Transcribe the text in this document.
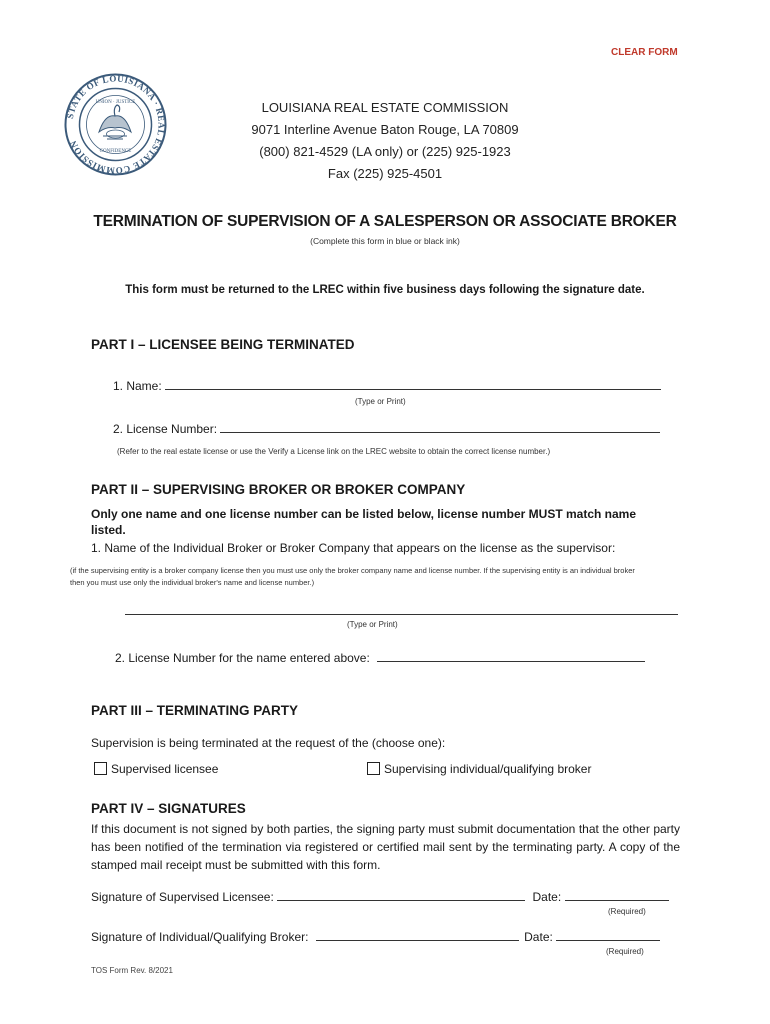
CLEAR FORM
STATE OF LOUISIANA · REAL ESTATE COMMISSION
UNION · JUSTICE
CONFIDENCE
LOUISIANA REAL ESTATE COMMISSION
9071 Interline Avenue Baton Rouge, LA 70809
(800) 821-4529 (LA only) or (225) 925-1923
Fax (225) 925-4501
TERMINATION OF SUPERVISION OF A SALESPERSON OR ASSOCIATE BROKER
(Complete this form in blue or black ink)
This form must be returned to the LREC within five business days following the signature date.
PART I – LICENSEE BEING TERMINATED
1. Name:
(Type or Print)
2. License Number:
(Refer to the real estate license or use the Verify a License link on the LREC website to obtain the correct license number.)
PART II – SUPERVISING BROKER OR BROKER COMPANY
Only one name and one license number can be listed below, license number MUST match name listed.
1. Name of the Individual Broker or Broker Company that appears on the license as the supervisor:
(if the supervising entity is a broker company license then you must use only the broker company name and license number. If the supervising entity is an individual broker then you must use only the individual broker's name and license number.)
(Type or Print)
2. License Number for the name entered above:
PART III – TERMINATING PARTY
Supervision is being terminated at the request of the (choose one):
Supervised licensee	Supervising individual/qualifying broker
PART IV – SIGNATURES
If this document is not signed by both parties, the signing party must submit documentation that the other party has been notified of the termination via registered or certified mail sent by the terminating party. A copy of the stamped mail receipt must be submitted with this form.
Signature of Supervised Licensee:	Date:
(Required)
Signature of Individual/Qualifying Broker:	Date:
(Required)
TOS Form Rev. 8/2021
